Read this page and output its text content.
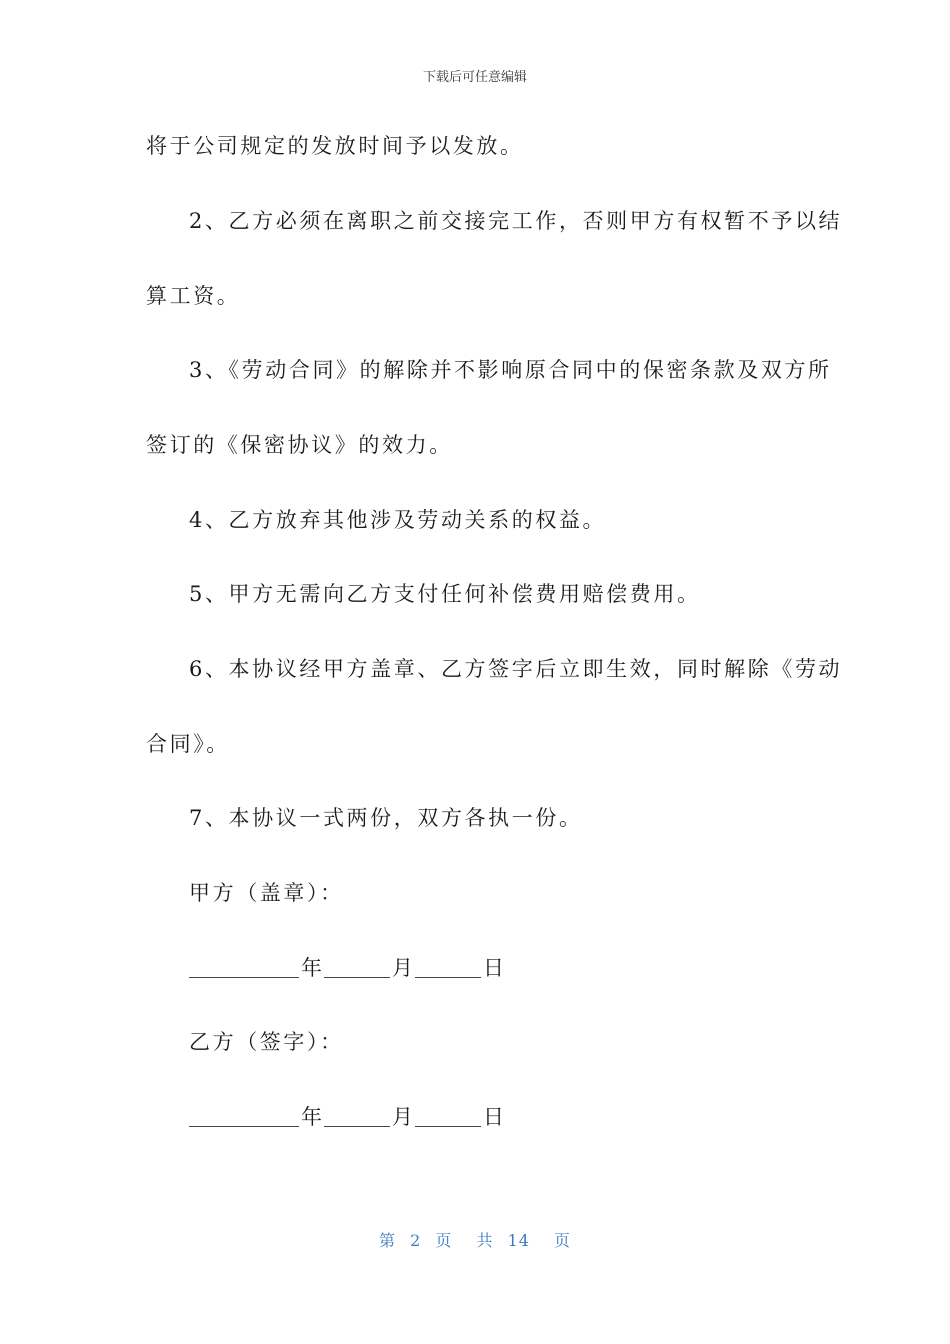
下载后可任意编辑
将于公司规定的发放时间予以发放。
2、乙方必须在离职之前交接完工作，否则甲方有权暂不予以结
算工资。
3、《劳动合同》的解除并不影响原合同中的保密条款及双方所
签订的《保密协议》的效力。
4、乙方放弃其他涉及劳动关系的权益。
5、甲方无需向乙方支付任何补偿费用赔偿费用。
6、本协议经甲方盖章、乙方签字后立即生效，同时解除《劳动
合同》。
7、本协议一式两份，双方各执一份。
甲方（盖章）：
年	月	日
乙方（签字）：
年	月	日
第 2 页 共 14 页
